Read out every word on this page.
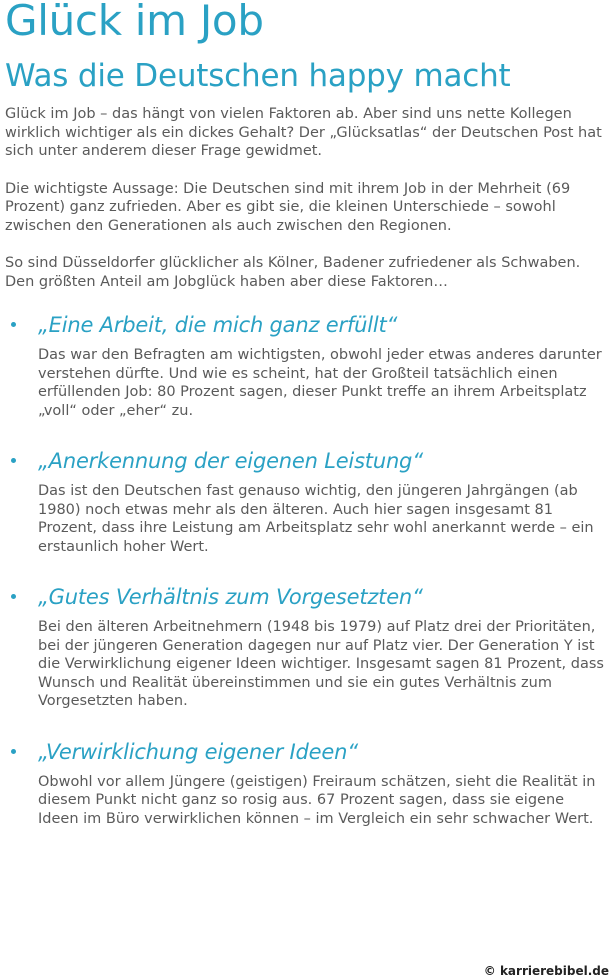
Glück im Job
Was die Deutschen happy macht

Glück im Job – das hängt von vielen Faktoren ab. Aber sind uns nette Kollegen wirklich wichtiger als ein dickes Gehalt? Der „Glücksatlas“ der Deutschen Post hat sich unter anderem dieser Frage gewidmet.

Die wichtigste Aussage: Die Deutschen sind mit ihrem Job in der Mehrheit (69 Prozent) ganz zufrieden. Aber es gibt sie, die kleinen Unterschiede – sowohl zwischen den Generationen als auch zwischen den Regionen.

So sind Düsseldorfer glücklicher als Kölner, Badener zufriedener als Schwaben. Den größten Anteil am Jobglück haben aber diese Faktoren…

„Eine Arbeit, die mich ganz erfüllt“

Das war den Befragten am wichtigsten, obwohl jeder etwas anderes darunter verstehen dürfte. Und wie es scheint, hat der Großteil tatsächlich einen erfüllenden Job: 80 Prozent sagen, dieser Punkt treffe an ihrem Arbeitsplatz „voll“ oder „eher“ zu.

„Anerkennung der eigenen Leistung“

Das ist den Deutschen fast genauso wichtig, den jüngeren Jahrgängen (ab 1980) noch etwas mehr als den älteren. Auch hier sagen insgesamt 81 Prozent, dass ihre Leistung am Arbeitsplatz sehr wohl anerkannt werde – ein erstaunlich hoher Wert.

„Gutes Verhältnis zum Vorgesetzten“

Bei den älteren Arbeitnehmern (1948 bis 1979) auf Platz drei der Prioritäten, bei der jüngeren Generation dagegen nur auf Platz vier. Der Generation Y ist die Verwirklichung eigener Ideen wichtiger. Insgesamt sagen 81 Prozent, dass Wunsch und Realität übereinstimmen und sie ein gutes Verhältnis zum Vorgesetzten haben.

„Verwirklichung eigener Ideen“

Obwohl vor allem Jüngere (geistigen) Freiraum schätzen, sieht die Realität in diesem Punkt nicht ganz so rosig aus. 67 Prozent sagen, dass sie eigene Ideen im Büro verwirklichen können – im Vergleich ein sehr schwacher Wert.

© karrierebibel.de
